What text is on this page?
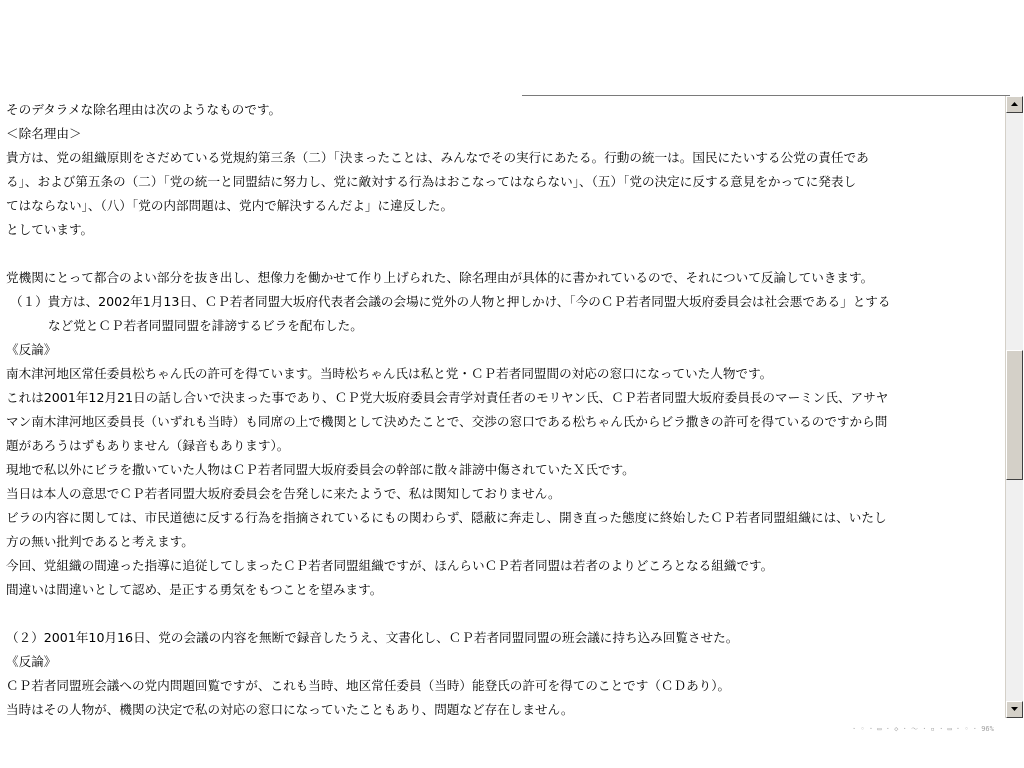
そのデタラメな除名理由は次のようなものです。

＜除名理由＞

貴方は、党の組織原則をさだめている党規約第三条（二）「決まったことは、みんなでその実行にあたる。行動の統一は。国民にたいする公党の責任であ

る」、および第五条の（二）「党の統一と同盟結に努力し、党に敵対する行為はおこなってはならない」、（五）「党の決定に反する意見をかってに発表し

てはならない」、（八）「党の内部問題は、党内で解決するんだよ」に違反した。

としています。

党機関にとって都合のよい部分を抜き出し、想像力を働かせて作り上げられた、除名理由が具体的に書かれているので、それについて反論していきます。

（１）貴方は、2002年1月13日、ＣＰ若者同盟大坂府代表者会議の会場に党外の人物と押しかけ、「今のＣＰ若者同盟大坂府委員会は社会悪である」とする
など党とＣＰ若者同盟同盟を誹謗するビラを配布した。

《反論》

南木津河地区常任委員松ちゃん氏の許可を得ています。当時松ちゃん氏は私と党・ＣＰ若者同盟間の対応の窓口になっていた人物です。

これは2001年12月21日の話し合いで決まった事であり、ＣＰ党大坂府委員会青学対責任者のモリヤン氏、ＣＰ若者同盟大坂府委員長のマーミン氏、アサヤ

マン南木津河地区委員長（いずれも当時）も同席の上で機関として決めたことで、交渉の窓口である松ちゃん氏からビラ撒きの許可を得ているのですから問

題があろうはずもありません（録音もあります）。

現地で私以外にビラを撒いていた人物はＣＰ若者同盟大坂府委員会の幹部に散々誹謗中傷されていたＸ氏です。

当日は本人の意思でＣＰ若者同盟大坂府委員会を告発しに来たようで、私は関知しておりません。

ビラの内容に関しては、市民道徳に反する行為を指摘されているにもの関わらず、隠蔽に奔走し、開き直った態度に終始したＣＰ若者同盟組織には、いたし

方の無い批判であると考えます。

今回、党組織の間違った指導に追従してしまったＣＰ若者同盟組織ですが、ほんらいＣＰ若者同盟は若者のよりどころとなる組織です。

間違いは間違いとして認め、是正する勇気をもつことを望みます。

（２）2001年10月16日、党の会議の内容を無断で録音したうえ、文書化し、ＣＰ若者同盟同盟の班会議に持ち込み回覧させた。

《反論》

ＣＰ若者同盟班会議への党内問題回覧ですが、これも当時、地区常任委員（当時）能登氏の許可を得てのことです（ＣＤあり）。

当時はその人物が、機関の決定で私の対応の窓口になっていたこともあり、問題など存在しません。

· ◦ · ▭ · ◇ · 〜 · ▫ · ▭ · ◦ · 96%
